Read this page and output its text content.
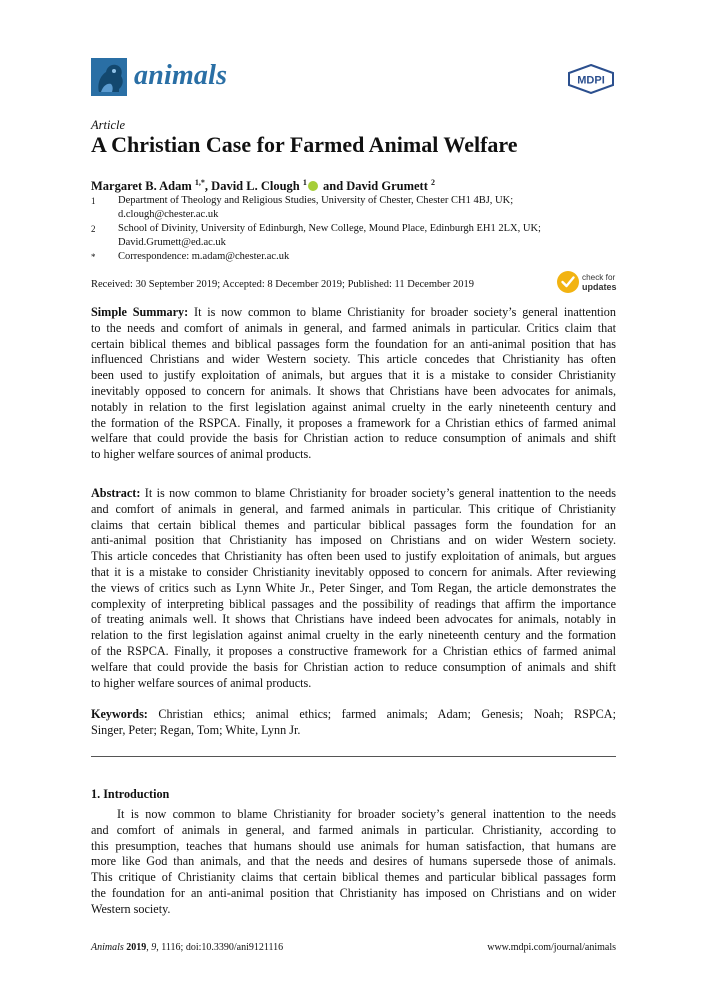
animals	MDPI
Article
A Christian Case for Farmed Animal Welfare
Margaret B. Adam $^{1,*}$, David L. Clough $^1$ and David Grumett $^2$
1 Department of Theology and Religious Studies, University of Chester, Chester CH1 4BJ, UK;
d.clough@chester.ac.uk
2 School of Divinity, University of Edinburgh, New College, Mound Place, Edinburgh EH1 2LX, UK;
David.Grumett@ed.ac.uk
* Correspondence: m.adam@chester.ac.uk
Received: 30 September 2019; Accepted: 8 December 2019; Published: 11 December 2019
check for
updates
Simple Summary: It is now common to blame Christianity for broader society’s general inattention
to the needs and comfort of animals in general, and farmed animals in particular. Critics claim that
certain biblical themes and biblical passages form the foundation for an anti-animal position that has
influenced Christians and wider Western society. This article concedes that Christianity has often
been used to justify exploitation of animals, but argues that it is a mistake to consider Christianity
inevitably opposed to concern for animals. It shows that Christians have been advocates for animals,
notably in relation to the first legislation against animal cruelty in the early nineteenth century and
the formation of the RSPCA. Finally, it proposes a framework for a Christian ethics of farmed animal
welfare that could provide the basis for Christian action to reduce consumption of animals and shift
to higher welfare sources of animal products.
Abstract: It is now common to blame Christianity for broader society’s general inattention to the needs
and comfort of animals in general, and farmed animals in particular. This critique of Christianity
claims that certain biblical themes and particular biblical passages form the foundation for an
anti-animal position that Christianity has imposed on Christians and on wider Western society.
This article concedes that Christianity has often been used to justify exploitation of animals, but argues
that it is a mistake to consider Christianity inevitably opposed to concern for animals. After reviewing
the views of critics such as Lynn White Jr., Peter Singer, and Tom Regan, the article demonstrates the
complexity of interpreting biblical passages and the possibility of readings that affirm the importance
of treating animals well. It shows that Christians have indeed been advocates for animals, notably in
relation to the first legislation against animal cruelty in the early nineteenth century and the formation
of the RSPCA. Finally, it proposes a constructive framework for a Christian ethics of farmed animal
welfare that could provide the basis for Christian action to reduce consumption of animals and shift
to higher welfare sources of animal products.
Keywords: Christian ethics; animal ethics; farmed animals; Adam; Genesis; Noah; RSPCA;
Singer, Peter; Regan, Tom; White, Lynn Jr.
1. Introduction
It is now common to blame Christianity for broader society’s general inattention to the needs
and comfort of animals in general, and farmed animals in particular. Christianity, according to
this presumption, teaches that humans should use animals for human satisfaction, that humans are
more like God than animals, and that the needs and desires of humans supersede those of animals.
This critique of Christianity claims that certain biblical themes and particular biblical passages form
the foundation for an anti-animal position that Christianity has imposed on Christians and on wider
Western society.
Animals 2019, 9, 1116; doi:10.3390/ani9121116	www.mdpi.com/journal/animals
